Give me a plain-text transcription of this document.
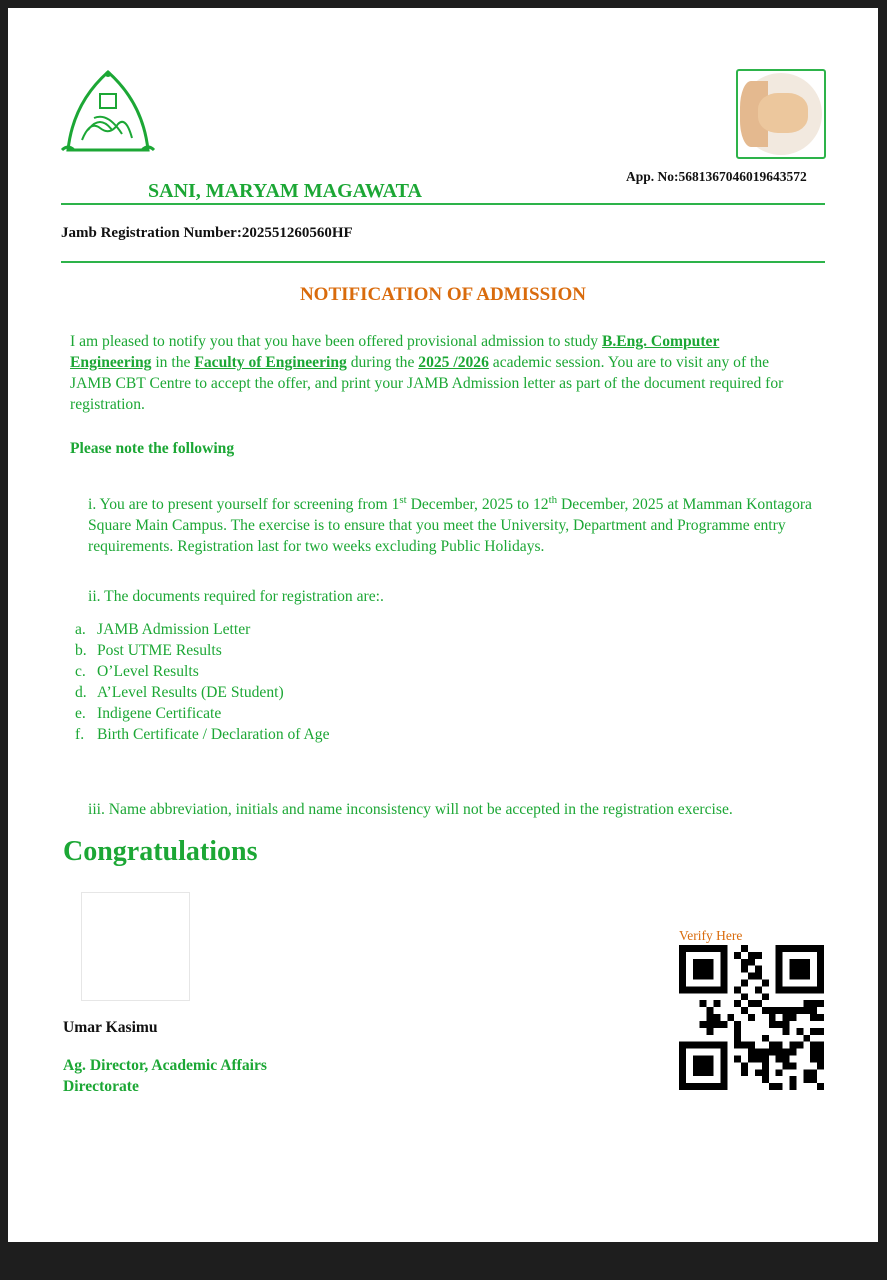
App. No:5681367046019643572
SANI, MARYAM MAGAWATA
Jamb Registration Number:202551260560HF
NOTIFICATION OF ADMISSION

I am pleased to notify you that you have been offered provisional admission to study B.Eng. Computer Engineering in the Faculty of Engineering during the 2025 /2026 academic session. You are to visit any of the JAMB CBT Centre to accept the offer, and print your JAMB Admission letter as part of the document required for registration.

Please note the following

i. You are to present yourself for screening from 1st December, 2025 to 12th December, 2025 at Mamman Kontagora Square Main Campus. The exercise is to ensure that you meet the University, Department and Programme entry requirements. Registration last for two weeks excluding Public Holidays.

ii. The documents required for registration are:.

a. JAMB Admission Letter
b. Post UTME Results
c. O’Level Results
d. A’Level Results (DE Student)
e. Indigene Certificate
f. Birth Certificate / Declaration of Age

iii. Name abbreviation, initials and name inconsistency will not be accepted in the registration exercise.

Congratulations
Umar Kasimu
Ag. Director, Academic Affairs Directorate
Verify Here
